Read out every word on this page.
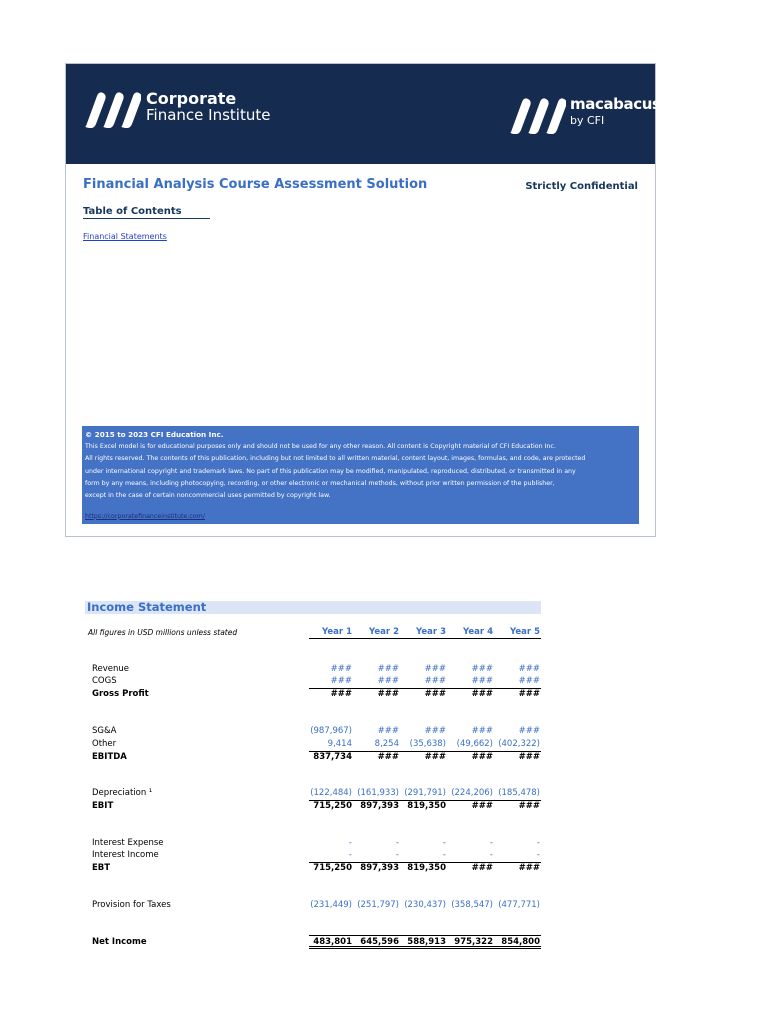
Corporate
Finance Institute
macabacus
by CFI
Financial Analysis Course Assessment Solution	Strictly Confidential
Table of Contents
Financial Statements
© 2015 to 2023 CFI Education Inc.
This Excel model is for educational purposes only and should not be used for any other reason. All content is Copyright material of CFI Education Inc.
All rights reserved. The contents of this publication, including but not limited to all written material, content layout, images, formulas, and code, are protected
under international copyright and trademark laws. No part of this publication may be modified, manipulated, reproduced, distributed, or transmitted in any
form by any means, including photocopying, recording, or other electronic or mechanical methods, without prior written permission of the publisher,
except in the case of certain noncommercial uses permitted by copyright law.
https://corporatefinanceinstitute.com/
Income Statement
All figures in USD millions unless stated	Year 1	Year 2	Year 3	Year 4	Year 5
Revenue	###	###	###	###	###
COGS	###	###	###	###	###
Gross Profit	###	###	###	###	###
SG&A	(987,967)	###	###	###	###
Other	9,414	8,254	(35,638)	(49,662) (402,322)
EBITDA	837,734	###	###	###	###
Depreciation ¹	(122,484) (161,933) (291,791) (224,206) (185,478)
EBIT	715,250 897,393 819,350	###	###
Interest Expense	-	-	-	-	-
Interest Income	-	-	-	-	-
EBT	715,250 897,393 819,350	###	###
Provision for Taxes	(231,449) (251,797) (230,437) (358,547) (477,771)
Net Income	483,801 645,596 588,913 975,322 854,800
